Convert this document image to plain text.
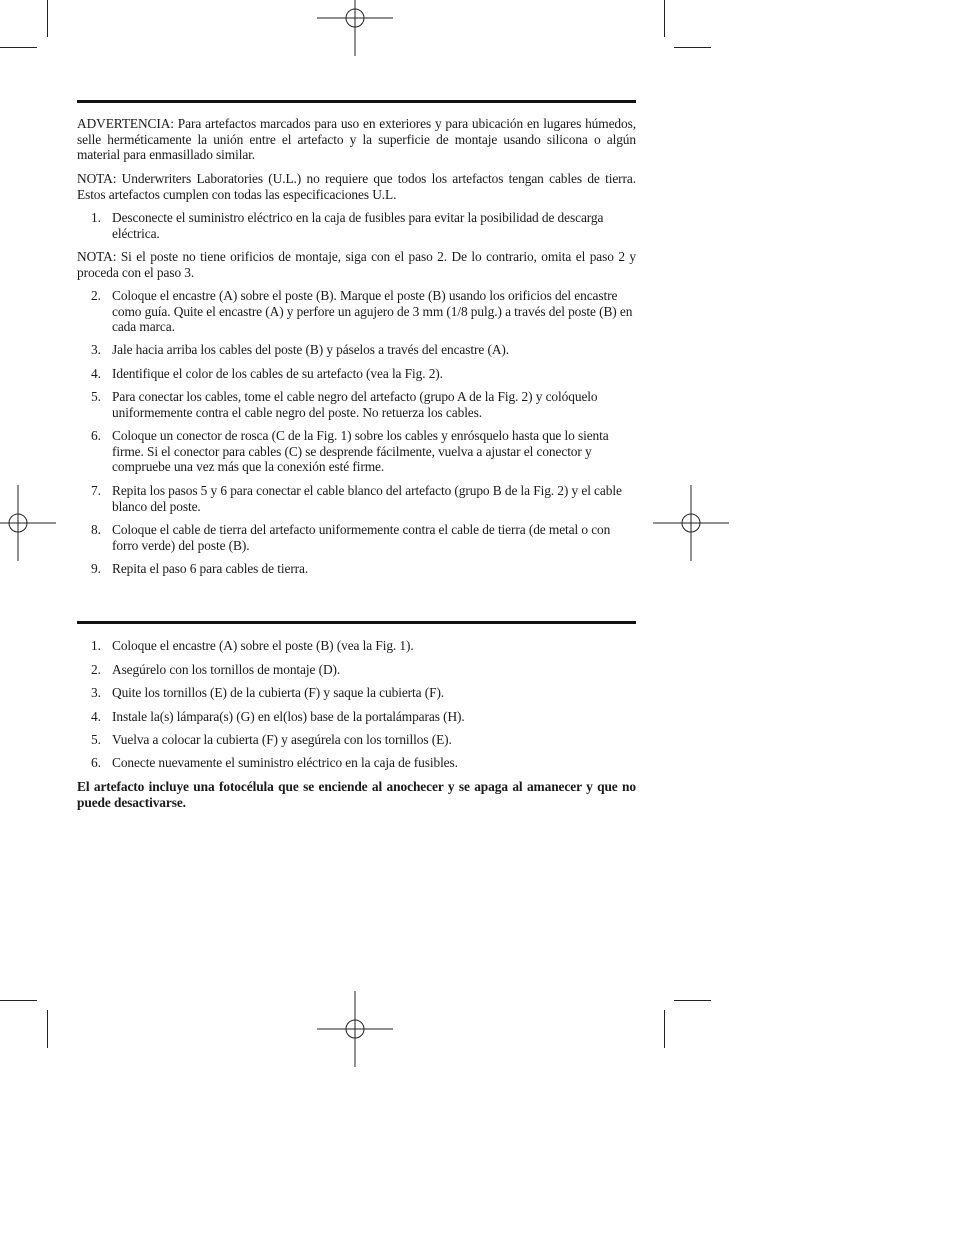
ADVERTENCIA: Para artefactos marcados para uso en exteriores y para ubicación en lugares húmedos, selle herméticamente la unión entre el artefacto y la superficie de montaje usando silicona o algún material para enmasillado similar.

NOTA: Underwriters Laboratories (U.L.) no requiere que todos los artefactos tengan cables de tierra. Estos artefactos cumplen con todas las especificaciones U.L.

1. Desconecte el suministro eléctrico en la caja de fusibles para evitar la posibilidad de descarga eléctrica.

NOTA: Si el poste no tiene orificios de montaje, siga con el paso 2. De lo contrario, omita el paso 2 y proceda con el paso 3.

2. Coloque el encastre (A) sobre el poste (B). Marque el poste (B) usando los orificios del encastre como guía. Quite el encastre (A) y perfore un agujero de 3 mm (1/8 pulg.) a través del poste (B) en cada marca.
3. Jale hacia arriba los cables del poste (B) y páselos a través del encastre (A).
4. Identifique el color de los cables de su artefacto (vea la Fig. 2).
5. Para conectar los cables, tome el cable negro del artefacto (grupo A de la Fig. 2) y colóquelo uniformemente contra el cable negro del poste. No retuerza los cables.
6. Coloque un conector de rosca (C de la Fig. 1) sobre los cables y enrósquelo hasta que lo sienta firme. Si el conector para cables (C) se desprende fácilmente, vuelva a ajustar el conector y compruebe una vez más que la conexión esté firme.
7. Repita los pasos 5 y 6 para conectar el cable blanco del artefacto (grupo B de la Fig. 2) y el cable blanco del poste.
8. Coloque el cable de tierra del artefacto uniformemente contra el cable de tierra (de metal o con forro verde) del poste (B).
9. Repita el paso 6 para cables de tierra.
1. Coloque el encastre (A) sobre el poste (B) (vea la Fig. 1).
2. Asegúrelo con los tornillos de montaje (D).
3. Quite los tornillos (E) de la cubierta (F) y saque la cubierta (F).
4. Instale la(s) lámpara(s) (G) en el(los) base de la portalámparas (H).
5. Vuelva a colocar la cubierta (F) y asegúrela con los tornillos (E).
6. Conecte nuevamente el suministro eléctrico en la caja de fusibles.

El artefacto incluye una fotocélula que se enciende al anochecer y se apaga al amanecer y que no puede desactivarse.
